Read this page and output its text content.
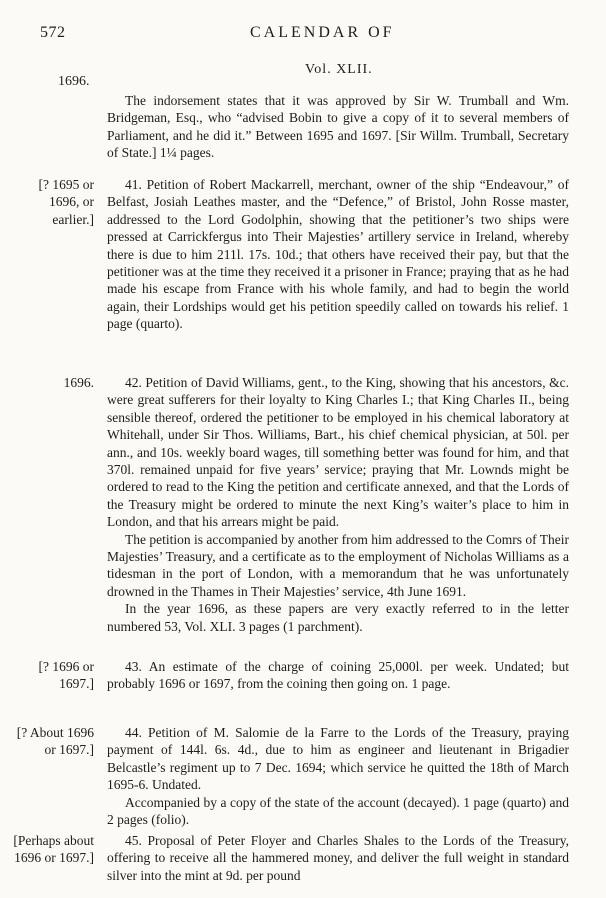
572	CALENDAR OF
Vol. XLII.
1696.

The indorsement states that it was approved by Sir W. Trumball and Wm. Bridgeman, Esq., who “advised Bobin to give a copy of it to several members of Parliament, and he did it.” Between 1695 and 1697. [Sir Willm. Trumball, Secretary of State.] 1¼ pages.

[? 1695 or 1696, or earlier.]

41. Petition of Robert Mackarrell, merchant, owner of the ship “Endeavour,” of Belfast, Josiah Leathes master, and the “Defence,” of Bristol, John Rosse master, addressed to the Lord Godolphin, showing that the petitioner’s two ships were pressed at Carrickfergus into Their Majesties’ artillery service in Ireland, whereby there is due to him 211l. 17s. 10d.; that others have received their pay, but that the petitioner was at the time they received it a prisoner in France; praying that as he had made his escape from France with his whole family, and had to begin the world again, their Lordships would get his petition speedily called on towards his relief. 1 page (quarto).

1696.	42. Petition of David Williams, gent., to the King, showing that his ancestors, &c. were great sufferers for their loyalty to King Charles I.; that King Charles II., being sensible thereof, ordered the petitioner to be employed in his chemical laboratory at Whitehall, under Sir Thos. Williams, Bart., his chief chemical physician, at 50l. per ann., and 10s. weekly board wages, till something better was found for him, and that 370l. remained unpaid for five years’ service; praying that Mr. Lownds might be ordered to read to the King the petition and certificate annexed, and that the Lords of the Treasury might be ordered to minute the next King’s waiter’s place to him in London, and that his arrears might be paid.

The petition is accompanied by another from him addressed to the Comrs of Their Majesties’ Treasury, and a certificate as to the employment of Nicholas Williams as a tidesman in the port of London, with a memorandum that he was unfortunately drowned in the Thames in Their Majesties’ service, 4th June 1691.

In the year 1696, as these papers are very exactly referred to in the letter numbered 53, Vol. XLI. 3 pages (1 parchment).

[? 1696 or 1697.]

43. An estimate of the charge of coining 25,000l. per week. Undated; but probably 1696 or 1697, from the coining then going on. 1 page.

[? About 1696 or 1697.]

44. Petition of M. Salomie de la Farre to the Lords of the Treasury, praying payment of 144l. 6s. 4d., due to him as engineer and lieutenant in Brigadier Belcastle’s regiment up to 7 Dec. 1694; which service he quitted the 18th of March 1695-6. Undated.

Accompanied by a copy of the state of the account (decayed). 1 page (quarto) and 2 pages (folio).

[Perhaps about 1696 or 1697.]

45. Proposal of Peter Floyer and Charles Shales to the Lords of the Treasury, offering to receive all the hammered money, and deliver the full weight in standard silver into the mint at 9d. per pound
